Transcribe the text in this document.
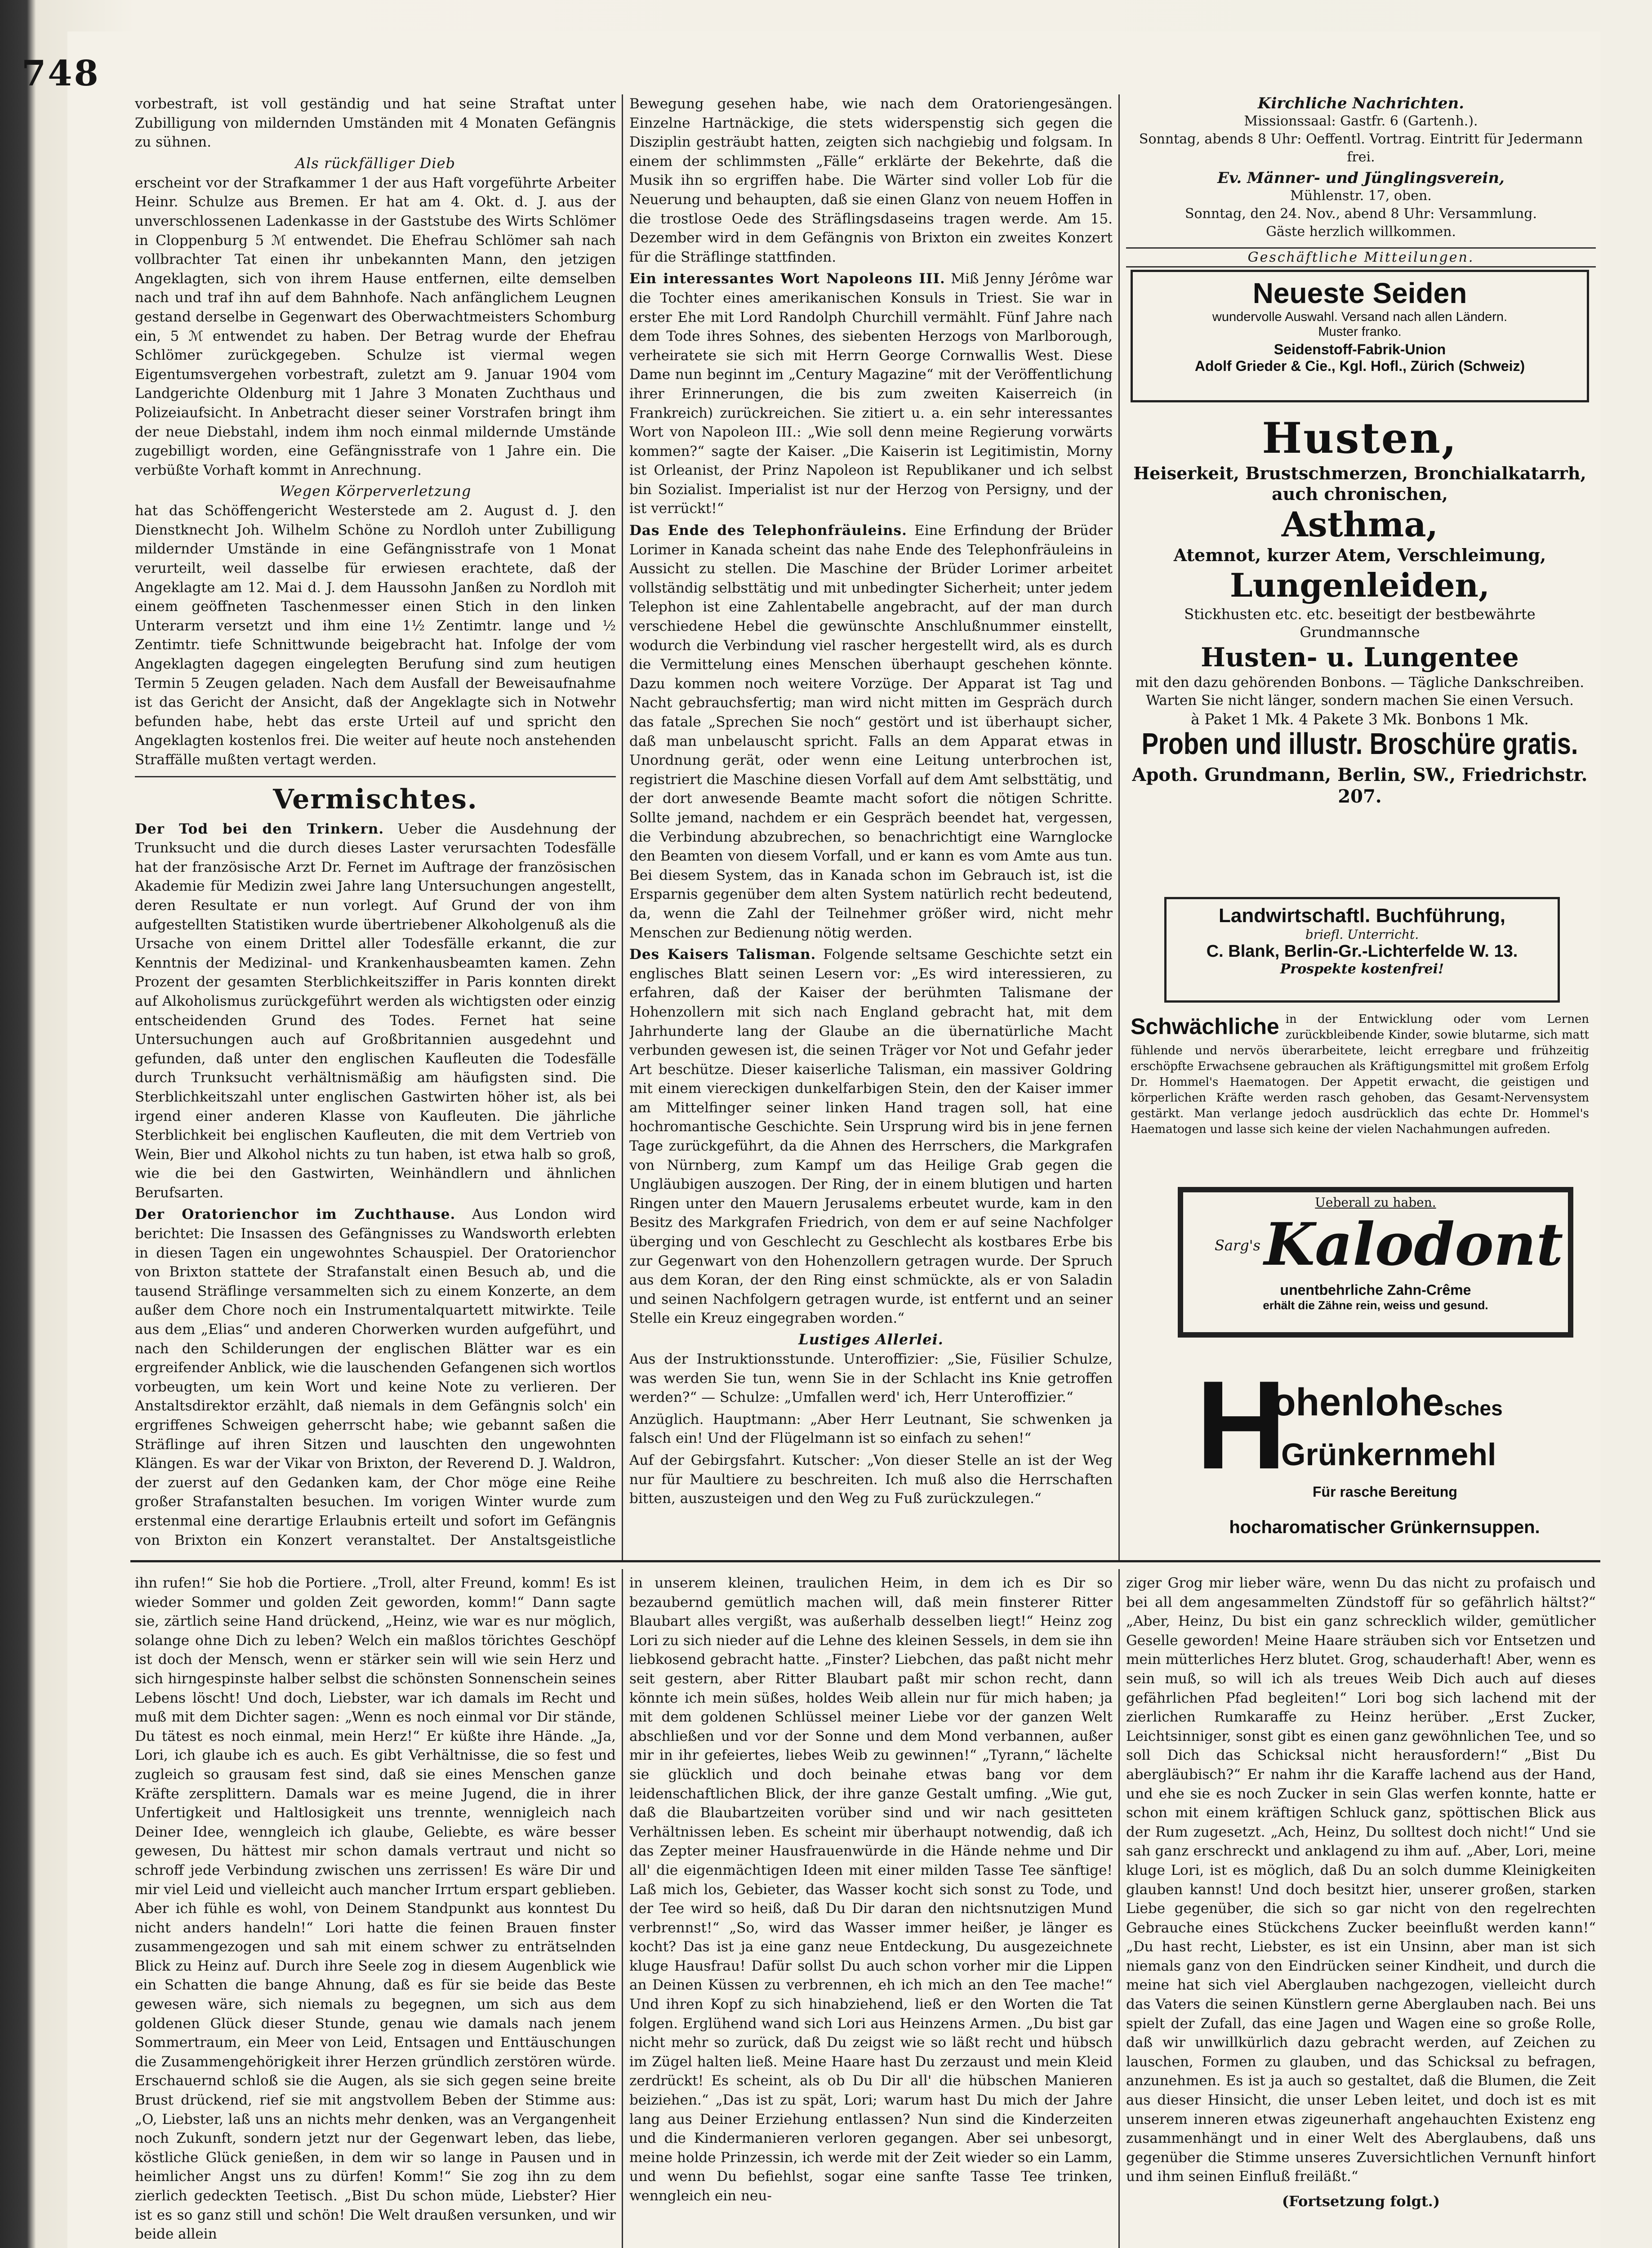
748

vorbestraft, ist voll geständig und hat seine Straftat unter Zubilligung von mildernden Umständen mit 4 Monaten Gefängnis zu sühnen.

Als rückfälliger Dieb

erscheint vor der Strafkammer 1 der aus Haft vorgeführte Arbeiter Heinr. Schulze aus Bremen. Er hat am 4. Okt. d. J. aus der unverschlossenen Ladenkasse in der Gaststube des Wirts Schlömer in Cloppenburg 5 ℳ entwendet. Die Ehefrau Schlömer sah nach vollbrachter Tat einen ihr unbekannten Mann, den jetzigen Angeklagten, sich von ihrem Hause entfernen, eilte demselben nach und traf ihn auf dem Bahnhofe. Nach anfänglichem Leugnen gestand derselbe in Gegenwart des Oberwachtmeisters Schomburg ein, 5 ℳ entwendet zu haben. Der Betrag wurde der Ehefrau Schlömer zurückgegeben. Schulze ist viermal wegen Eigentumsvergehen vorbestraft, zuletzt am 9. Januar 1904 vom Landgerichte Oldenburg mit 1 Jahre 3 Monaten Zuchthaus und Polizeiaufsicht. In Anbetracht dieser seiner Vorstrafen bringt ihm der neue Diebstahl, indem ihm noch einmal mildernde Umstände zugebilligt worden, eine Gefängnisstrafe von 1 Jahre ein. Die verbüßte Vorhaft kommt in Anrechnung.

Wegen Körperverletzung

hat das Schöffengericht Westerstede am 2. August d. J. den Dienstknecht Joh. Wilhelm Schöne zu Nordloh unter Zubilligung mildernder Umstände in eine Gefängnisstrafe von 1 Monat verurteilt, weil dasselbe für erwiesen erachtete, daß der Angeklagte am 12. Mai d. J. dem Haussohn Janßen zu Nordloh mit einem geöffneten Taschenmesser einen Stich in den linken Unterarm versetzt und ihm eine 1½ Zentimtr. lange und ½ Zentimtr. tiefe Schnittwunde beigebracht hat. Infolge der vom Angeklagten dagegen eingelegten Berufung sind zum heutigen Termin 5 Zeugen geladen. Nach dem Ausfall der Beweisaufnahme ist das Gericht der Ansicht, daß der Angeklagte sich in Notwehr befunden habe, hebt das erste Urteil auf und spricht den Angeklagten kostenlos frei. Die weiter auf heute noch anstehenden Straffälle mußten vertagt werden.

Vermischtes.

Der Tod bei den Trinkern. Ueber die Ausdehnung der Trunksucht und die durch dieses Laster verursachten Todesfälle hat der französische Arzt Dr. Fernet im Auftrage der französischen Akademie für Medizin zwei Jahre lang Untersuchungen angestellt, deren Resultate er nun vorlegt. Auf Grund der von ihm aufgestellten Statistiken wurde übertriebener Alkoholgenuß als die Ursache von einem Drittel aller Todesfälle erkannt, die zur Kenntnis der Medizinal- und Krankenhausbeamten kamen. Zehn Prozent der gesamten Sterblichkeitsziffer in Paris konnten direkt auf Alkoholismus zurückgeführt werden als wichtigsten oder einzig entscheidenden Grund des Todes. Fernet hat seine Untersuchungen auch auf Großbritannien ausgedehnt und gefunden, daß unter den englischen Kaufleuten die Todesfälle durch Trunksucht verhältnismäßig am häufigsten sind. Die Sterblichkeitszahl unter englischen Gastwirten höher ist, als bei irgend einer anderen Klasse von Kaufleuten. Die jährliche Sterblichkeit bei englischen Kaufleuten, die mit dem Vertrieb von Wein, Bier und Alkohol nichts zu tun haben, ist etwa halb so groß, wie die bei den Gastwirten, Weinhändlern und ähnlichen Berufsarten.

Der Oratorienchor im Zuchthause. Aus London wird berichtet: Die Insassen des Gefängnisses zu Wandsworth erlebten in diesen Tagen ein ungewohntes Schauspiel. Der Oratorienchor von Brixton stattete der Strafanstalt einen Besuch ab, und die tausend Sträflinge versammelten sich zu einem Konzerte, an dem außer dem Chore noch ein Instrumentalquartett mitwirkte. Teile aus dem „Elias“ und anderen Chorwerken wurden aufgeführt, und nach den Schilderungen der englischen Blätter war es ein ergreifender Anblick, wie die lauschenden Gefangenen sich wortlos vorbeugten, um kein Wort und keine Note zu verlieren. Der Anstaltsdirektor erzählt, daß niemals in dem Gefängnis solch' ein ergriffenes Schweigen geherrscht habe; wie gebannt saßen die Sträflinge auf ihren Sitzen und lauschten den ungewohnten Klängen. Es war der Vikar von Brixton, der Reverend D. J. Waldron, der zuerst auf den Gedanken kam, der Chor möge eine Reihe großer Strafanstalten besuchen. Im vorigen Winter wurde zum erstenmal eine derartige Erlaubnis erteilt und sofort im Gefängnis von Brixton ein Konzert veranstaltet. Der Anstaltsgeistliche

Bewegung gesehen habe, wie nach dem Oratoriengesängen. Einzelne Hartnäckige, die stets widerspenstig sich gegen die Disziplin gesträubt hatten, zeigten sich nachgiebig und folgsam. In einem der schlimmsten „Fälle“ erklärte der Bekehrte, daß die Musik ihn so ergriffen habe. Die Wärter sind voller Lob für die Neuerung und behaupten, daß sie einen Glanz von neuem Hoffen in die trostlose Oede des Sträflingsdaseins tragen werde. Am 15. Dezember wird in dem Gefängnis von Brixton ein zweites Konzert für die Sträflinge stattfinden.

Ein interessantes Wort Napoleons III. Miß Jenny Jérôme war die Tochter eines amerikanischen Konsuls in Triest. Sie war in erster Ehe mit Lord Randolph Churchill vermählt. Fünf Jahre nach dem Tode ihres Sohnes, des siebenten Herzogs von Marlborough, verheiratete sie sich mit Herrn George Cornwallis West. Diese Dame nun beginnt im „Century Magazine“ mit der Veröffentlichung ihrer Erinnerungen, die bis zum zweiten Kaiserreich (in Frankreich) zurückreichen. Sie zitiert u. a. ein sehr interessantes Wort von Napoleon III.: „Wie soll denn meine Regierung vorwärts kommen?“ sagte der Kaiser. „Die Kaiserin ist Legitimistin, Morny ist Orleanist, der Prinz Napoleon ist Republikaner und ich selbst bin Sozialist. Imperialist ist nur der Herzog von Persigny, und der ist verrückt!“

Das Ende des Telephonfräuleins. Eine Erfindung der Brüder Lorimer in Kanada scheint das nahe Ende des Telephonfräuleins in Aussicht zu stellen. Die Maschine der Brüder Lorimer arbeitet vollständig selbsttätig und mit unbedingter Sicherheit; unter jedem Telephon ist eine Zahlentabelle angebracht, auf der man durch verschiedene Hebel die gewünschte Anschlußnummer einstellt, wodurch die Verbindung viel rascher hergestellt wird, als es durch die Vermittelung eines Menschen überhaupt geschehen könnte. Dazu kommen noch weitere Vorzüge. Der Apparat ist Tag und Nacht gebrauchsfertig; man wird nicht mitten im Gespräch durch das fatale „Sprechen Sie noch“ gestört und ist überhaupt sicher, daß man unbelauscht spricht. Falls an dem Apparat etwas in Unordnung gerät, oder wenn eine Leitung unterbrochen ist, registriert die Maschine diesen Vorfall auf dem Amt selbsttätig, und der dort anwesende Beamte macht sofort die nötigen Schritte. Sollte jemand, nachdem er ein Gespräch beendet hat, vergessen, die Verbindung abzubrechen, so benachrichtigt eine Warnglocke den Beamten von diesem Vorfall, und er kann es vom Amte aus tun. Bei diesem System, das in Kanada schon im Gebrauch ist, ist die Ersparnis gegenüber dem alten System natürlich recht bedeutend, da, wenn die Zahl der Teilnehmer größer wird, nicht mehr Menschen zur Bedienung nötig werden.

Des Kaisers Talisman. Folgende seltsame Geschichte setzt ein englisches Blatt seinen Lesern vor: „Es wird interessieren, zu erfahren, daß der Kaiser der berühmten Talismane der Hohenzollern mit sich nach England gebracht hat, mit dem Jahrhunderte lang der Glaube an die übernatürliche Macht verbunden gewesen ist, die seinen Träger vor Not und Gefahr jeder Art beschütze. Dieser kaiserliche Talisman, ein massiver Goldring mit einem viereckigen dunkelfarbigen Stein, den der Kaiser immer am Mittelfinger seiner linken Hand tragen soll, hat eine hochromantische Geschichte. Sein Ursprung wird bis in jene fernen Tage zurückgeführt, da die Ahnen des Herrschers, die Markgrafen von Nürnberg, zum Kampf um das Heilige Grab gegen die Ungläubigen auszogen. Der Ring, der in einem blutigen und harten Ringen unter den Mauern Jerusalems erbeutet wurde, kam in den Besitz des Markgrafen Friedrich, von dem er auf seine Nachfolger überging und von Geschlecht zu Geschlecht als kostbares Erbe bis zur Gegenwart von den Hohenzollern getragen wurde. Der Spruch aus dem Koran, der den Ring einst schmückte, als er von Saladin und seinen Nachfolgern getragen wurde, ist entfernt und an seiner Stelle ein Kreuz eingegraben worden.“

Lustiges Allerlei.

Aus der Instruktionsstunde. Unteroffizier: „Sie, Füsilier Schulze, was werden Sie tun, wenn Sie in der Schlacht ins Knie getroffen werden?“ — Schulze: „Umfallen werd' ich, Herr Unteroffizier.“

Anzüglich. Hauptmann: „Aber Herr Leutnant, Sie schwenken ja falsch ein! Und der Flügelmann ist so einfach zu sehen!“

Auf der Gebirgsfahrt. Kutscher: „Von dieser Stelle an ist der Weg nur für Maultiere zu beschreiten. Ich muß also die Herrschaften bitten, auszusteigen und den Weg zu Fuß zurückzulegen.“

Kirchliche Nachrichten.
Missionssaal: Gastfr. 6 (Gartenh.).
Sonntag, abends 8 Uhr: Oeffentl. Vortrag. Eintritt für Jedermann frei.
Ev. Männer- und Jünglingsverein,
Mühlenstr. 17, oben.
Sonntag, den 24. Nov., abend 8 Uhr: Versammlung.
Gäste herzlich willkommen.
Geschäftliche Mitteilungen.
Neueste Seiden
wundervolle Auswahl. Versand nach allen Ländern.
Muster franko.
Seidenstoff-Fabrik-Union
Adolf Grieder & Cie., Kgl. Hofl., Zürich (Schweiz)
Husten,
Heiserkeit, Brustschmerzen, Bronchialkatarrh, auch chronischen,
Asthma,
Atemnot, kurzer Atem, Verschleimung,
Lungenleiden,
Stickhusten etc. etc. beseitigt der bestbewährte Grundmannsche
Husten- u. Lungentee
mit den dazu gehörenden Bonbons. — Tägliche Dankschreiben. Warten Sie nicht länger, sondern machen Sie einen Versuch.
à Paket 1 Mk. 4 Pakete 3 Mk. Bonbons 1 Mk.
Proben und illustr. Broschüre gratis.
Apoth. Grundmann, Berlin, SW., Friedrichstr. 207.
Landwirtschaftl. Buchführung,
briefl. Unterricht.
C. Blank, Berlin-Gr.-Lichterfelde W. 13.
Prospekte kostenfrei!
Schwächliche in der Entwicklung oder vom Lernen zurückbleibende Kinder, sowie blutarme, sich matt fühlende und nervös überarbeitete, leicht erregbare und frühzeitig erschöpfte Erwachsene gebrauchen als Kräftigungsmittel mit großem Erfolg Dr. Hommel's Haematogen. Der Appetit erwacht, die geistigen und körperlichen Kräfte werden rasch gehoben, das Gesamt-Nervensystem gestärkt. Man verlange jedoch ausdrücklich das echte Dr. Hommel's Haematogen und lasse sich keine der vielen Nachahmungen aufreden.
Ueberall zu haben.
Sarg's Kalodont
unentbehrliche Zahn-Crême
erhält die Zähne rein, weiss und gesund.
H
ohenlohesches
Grünkernmehl
Für rasche Bereitung
hocharomatischer Grünkernsuppen.

ihn rufen!“ Sie hob die Portiere. „Troll, alter Freund, komm! Es ist wieder Sommer und golden Zeit geworden, komm!“ Dann sagte sie, zärtlich seine Hand drückend, „Heinz, wie war es nur möglich, solange ohne Dich zu leben? Welch ein maßlos törichtes Geschöpf ist doch der Mensch, wenn er stärker sein will wie sein Herz und sich hirngespinste halber selbst die schönsten Sonnenschein seines Lebens löscht! Und doch, Liebster, war ich damals im Recht und muß mit dem Dichter sagen: „Wenn es noch einmal vor Dir stände, Du tätest es noch einmal, mein Herz!“ Er küßte ihre Hände. „Ja, Lori, ich glaube ich es auch. Es gibt Verhältnisse, die so fest und zugleich so grausam fest sind, daß sie eines Menschen ganze Kräfte zersplittern. Damals war es meine Jugend, die in ihrer Unfertigkeit und Haltlosigkeit uns trennte, wennigleich nach Deiner Idee, wenngleich ich glaube, Geliebte, es wäre besser gewesen, Du hättest mir schon damals vertraut und nicht so schroff jede Verbindung zwischen uns zerrissen! Es wäre Dir und mir viel Leid und vielleicht auch mancher Irrtum erspart geblieben. Aber ich fühle es wohl, von Deinem Standpunkt aus konntest Du nicht anders handeln!“ Lori hatte die feinen Brauen finster zusammengezogen und sah mit einem schwer zu enträtselnden Blick zu Heinz auf. Durch ihre Seele zog in diesem Augenblick wie ein Schatten die bange Ahnung, daß es für sie beide das Beste gewesen wäre, sich niemals zu begegnen, um sich aus dem goldenen Glück dieser Stunde, genau wie damals nach jenem Sommertraum, ein Meer von Leid, Entsagen und Enttäuschungen die Zusammengehörigkeit ihrer Herzen gründlich zerstören würde. Erschauernd schloß sie die Augen, als sie sich gegen seine breite Brust drückend, rief sie mit angstvollem Beben der Stimme aus: „O, Liebster, laß uns an nichts mehr denken, was an Vergangenheit noch Zukunft, sondern jetzt nur der Gegenwart leben, das liebe, köstliche Glück genießen, in dem wir so lange in Pausen und in heimlicher Angst uns zu dürfen! Komm!“ Sie zog ihn zu dem zierlich gedeckten Teetisch. „Bist Du schon müde, Liebster? Hier ist es so ganz still und schön! Die Welt draußen versunken, und wir beide allein

in unserem kleinen, traulichen Heim, in dem ich es Dir so bezaubernd gemütlich machen will, daß mein finsterer Ritter Blaubart alles vergißt, was außerhalb desselben liegt!“ Heinz zog Lori zu sich nieder auf die Lehne des kleinen Sessels, in dem sie ihn liebkosend gebracht hatte. „Finster? Liebchen, das paßt nicht mehr seit gestern, aber Ritter Blaubart paßt mir schon recht, dann könnte ich mein süßes, holdes Weib allein nur für mich haben; ja mit dem goldenen Schlüssel meiner Liebe vor der ganzen Welt abschließen und vor der Sonne und dem Mond verbannen, außer mir in ihr gefeiertes, liebes Weib zu gewinnen!“ „Tyrann,“ lächelte sie glücklich und doch beinahe etwas bang vor dem leidenschaftlichen Blick, der ihre ganze Gestalt umfing. „Wie gut, daß die Blaubartzeiten vorüber sind und wir nach gesitteten Verhältnissen leben. Es scheint mir überhaupt notwendig, daß ich das Zepter meiner Hausfrauenwürde in die Hände nehme und Dir all' die eigenmächtigen Ideen mit einer milden Tasse Tee sänftige! Laß mich los, Gebieter, das Wasser kocht sich sonst zu Tode, und der Tee wird so heiß, daß Du Dir daran den nichtsnutzigen Mund verbrennst!“ „So, wird das Wasser immer heißer, je länger es kocht? Das ist ja eine ganz neue Entdeckung, Du ausgezeichnete kluge Hausfrau! Dafür sollst Du auch schon vorher mir die Lippen an Deinen Küssen zu verbrennen, eh ich mich an den Tee mache!“ Und ihren Kopf zu sich hinabziehend, ließ er den Worten die Tat folgen. Erglühend wand sich Lori aus Heinzens Armen. „Du bist gar nicht mehr so zurück, daß Du zeigst wie so läßt recht und hübsch im Zügel halten ließ. Meine Haare hast Du zerzaust und mein Kleid zerdrückt! Es scheint, als ob Du Dir all' die hübschen Manieren beiziehen.“ „Das ist zu spät, Lori; warum hast Du mich der Jahre lang aus Deiner Erziehung entlassen? Nun sind die Kinderzeiten und die Kindermanieren verloren gegangen. Aber sei unbesorgt, meine holde Prinzessin, ich werde mit der Zeit wieder so ein Lamm, und wenn Du befiehlst, sogar eine sanfte Tasse Tee trinken, wenngleich ein neu-

ziger Grog mir lieber wäre, wenn Du das nicht zu profaisch und bei all dem angesammelten Zündstoff für so gefährlich hältst?“ „Aber, Heinz, Du bist ein ganz schrecklich wilder, gemütlicher Geselle geworden! Meine Haare sträuben sich vor Entsetzen und mein mütterliches Herz blutet. Grog, schauderhaft! Aber, wenn es sein muß, so will ich als treues Weib Dich auch auf dieses gefährlichen Pfad begleiten!“ Lori bog sich lachend mit der zierlichen Rumkaraffe zu Heinz herüber. „Erst Zucker, Leichtsinniger, sonst gibt es einen ganz gewöhnlichen Tee, und so soll Dich das Schicksal nicht herausfordern!“ „Bist Du abergläubisch?“ Er nahm ihr die Karaffe lachend aus der Hand, und ehe sie es noch Zucker in sein Glas werfen konnte, hatte er schon mit einem kräftigen Schluck ganz, spöttischen Blick aus der Rum zugesetzt. „Ach, Heinz, Du solltest doch nicht!“ Und sie sah ganz erschreckt und anklagend zu ihm auf. „Aber, Lori, meine kluge Lori, ist es möglich, daß Du an solch dumme Kleinigkeiten glauben kannst! Und doch besitzt hier, unserer großen, starken Liebe gegenüber, die sich so gar nicht von den regelrechten Gebrauche eines Stückchens Zucker beeinflußt werden kann!“ „Du hast recht, Liebster, es ist ein Unsinn, aber man ist sich niemals ganz von den Eindrücken seiner Kindheit, und durch die meine hat sich viel Aberglauben nachgezogen, vielleicht durch das Vaters die seinen Künstlern gerne Aberglauben nach. Bei uns spielt der Zufall, das eine Jagen und Wagen eine so große Rolle, daß wir unwillkürlich dazu gebracht werden, auf Zeichen zu lauschen, Formen zu glauben, und das Schicksal zu befragen, anzunehmen. Es ist ja auch so gestaltet, daß die Blumen, die Zeit aus dieser Hinsicht, die unser Leben leitet, und doch ist es mit unserem inneren etwas zigeunerhaft angehauchten Existenz eng zusammenhängt und in einer Welt des Aberglaubens, daß uns gegenüber die Stimme unseres Zuversichtlichen Vernunft hinfort und ihm seinen Einfluß freiläßt.“

(Fortsetzung folgt.)
